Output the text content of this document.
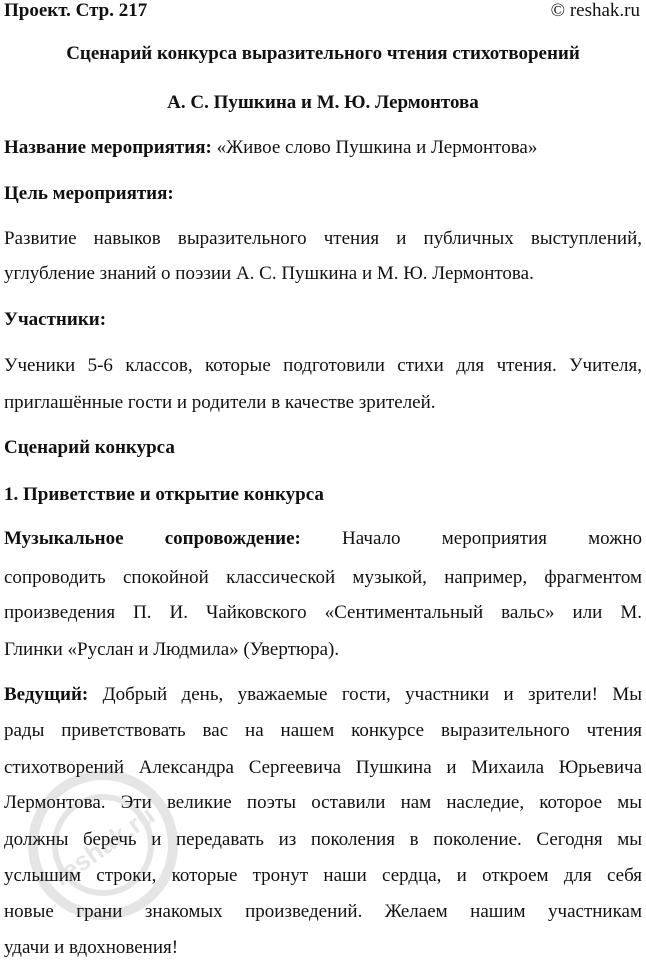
Проект. Стр. 217	© reshak.ru
Сценарий конкурса выразительного чтения стихотворений
А. С. Пушкина и М. Ю. Лермонтова
Название мероприятия: «Живое слово Пушкина и Лермонтова»
Цель мероприятия:
Развитие навыков выразительного чтения и публичных выступлений,
углубление знаний о поэзии А. С. Пушкина и М. Ю. Лермонтова.
Участники:
Ученики 5-6 классов, которые подготовили стихи для чтения. Учителя,
приглашённые гости и родители в качестве зрителей.
Сценарий конкурса
1. Приветствие и открытие конкурса
Музыкальное сопровождение: Начало мероприятия можно
сопроводить спокойной классической музыкой, например, фрагментом
произведения П. И. Чайковского «Сентиментальный вальс» или М.
Глинки «Руслан и Людмила» (Увертюра).
Ведущий: Добрый день, уважаемые гости, участники и зрители! Мы
рады приветствовать вас на нашем конкурсе выразительного чтения
стихотворений Александра Сергеевича Пушкина и Михаила Юрьевича
Лермонтова. Эти великие поэты оставили нам наследие, которое мы
должны беречь и передавать из поколения в поколение. Сегодня мы
услышим строки, которые тронут наши сердца, и откроем для себя
новые грани знакомых произведений. Желаем нашим участникам
удачи и вдохновения!
reshak.ru
